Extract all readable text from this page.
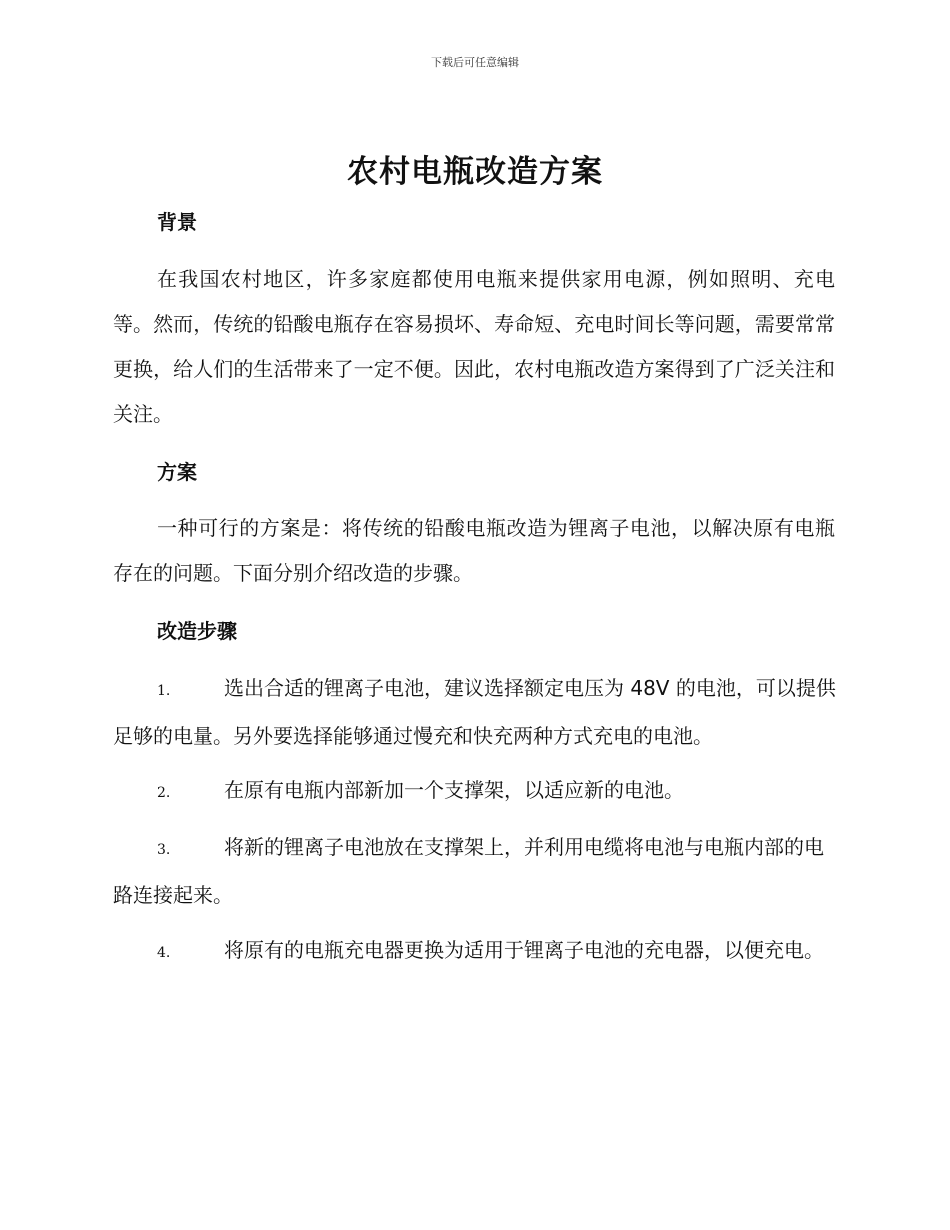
下载后可任意编辑
农村电瓶改造方案
背景

在我国农村地区，许多家庭都使用电瓶来提供家用电源，例如照明、充电等。然而，传统的铅酸电瓶存在容易损坏、寿命短、充电时间长等问题，需要常常更换，给人们的生活带来了一定不便。因此，农村电瓶改造方案得到了广泛关注和关注。

方案

一种可行的方案是：将传统的铅酸电瓶改造为锂离子电池，以解决原有电瓶存在的问题。下面分别介绍改造的步骤。

改造步骤

1.	选出合适的锂离子电池，建议选择额定电压为 48V 的电池，可以提供足够的电量。另外要选择能够通过慢充和快充两种方式充电的电池。

2.	在原有电瓶内部新加一个支撑架，以适应新的电池。

3.	将新的锂离子电池放在支撑架上，并利用电缆将电池与电瓶内部的电路连接起来。

4.	将原有的电瓶充电器更换为适用于锂离子电池的充电器，以便充电。
